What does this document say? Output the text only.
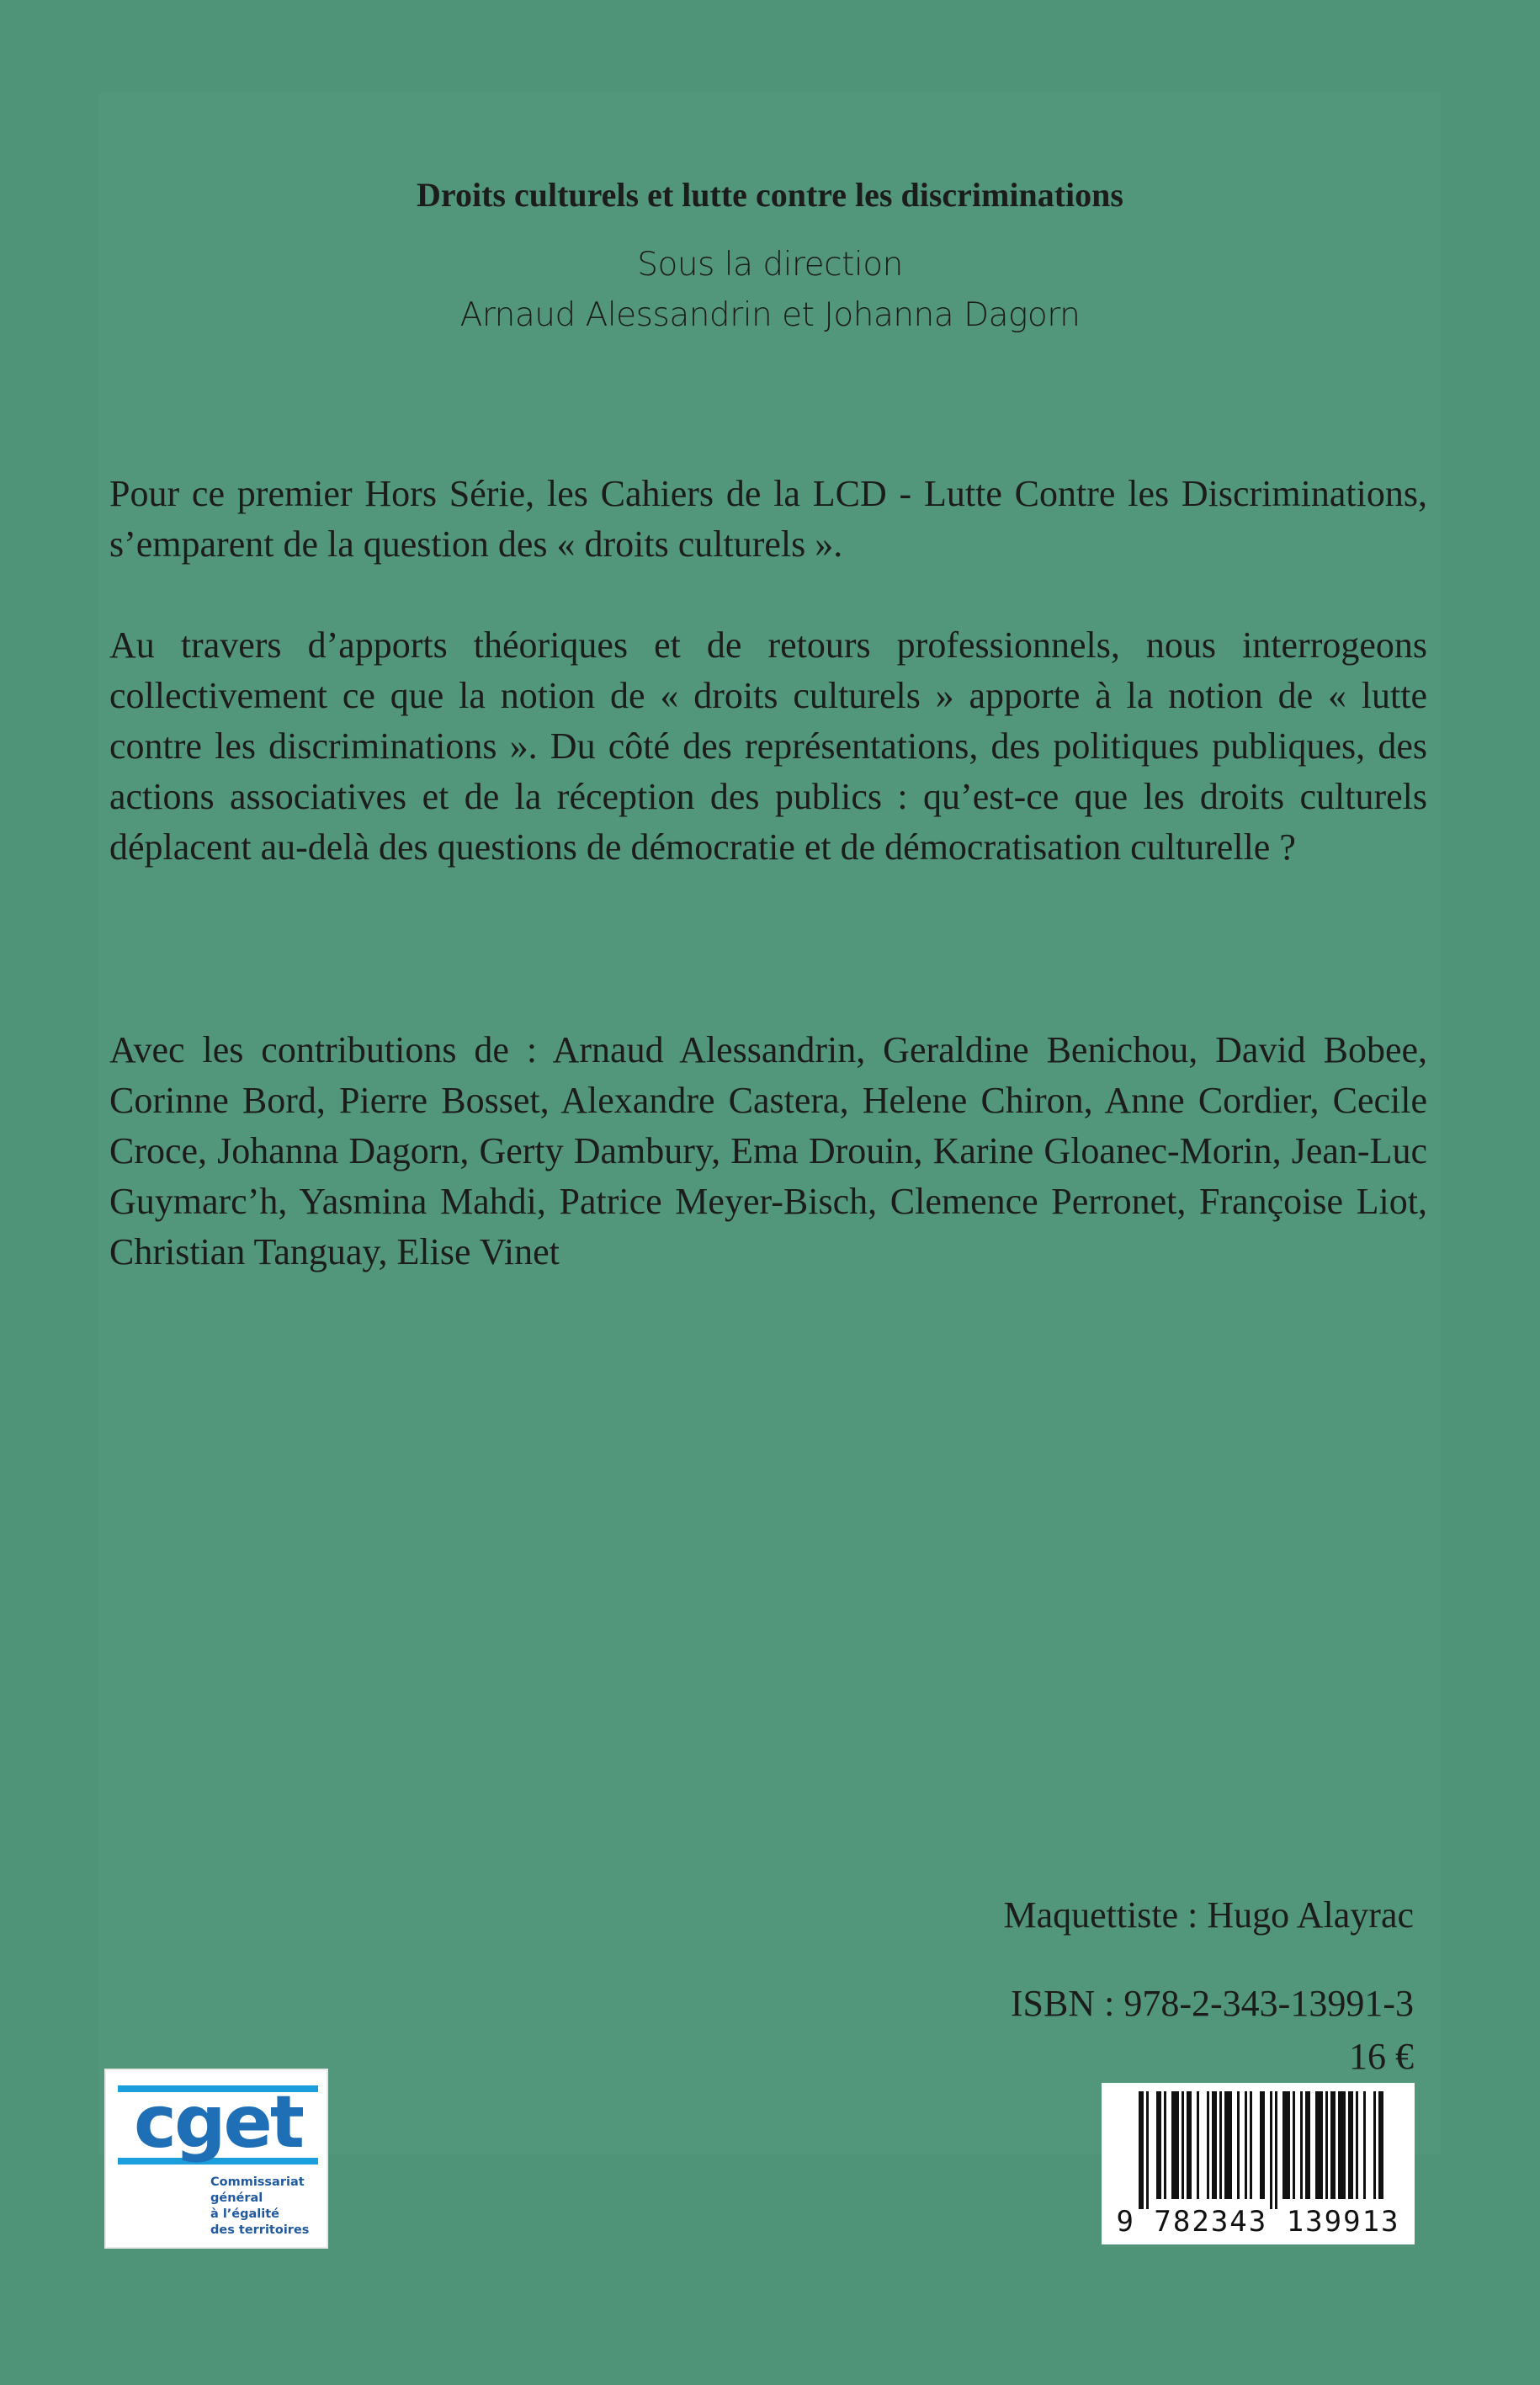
Droits culturels et lutte contre les discriminations
Sous la direction
Arnaud Alessandrin et Johanna Dagorn
Pour ce premier Hors Série, les Cahiers de la LCD - Lutte Contre les Discriminations, s’emparent de la question des « droits culturels ».
Au travers d’apports théoriques et de retours professionnels, nous interrogeons collectivement ce que la notion de « droits culturels » apporte à la notion de « lutte contre les discriminations ». Du côté des représentations, des politiques publiques, des actions associatives et de la réception des publics : qu’est-ce que les droits culturels déplacent au-delà des questions de démocratie et de démocratisation culturelle ?
Avec les contributions de : Arnaud Alessandrin, Geraldine Benichou, David Bobee, Corinne Bord, Pierre Bosset, Alexandre Castera, Helene Chiron, Anne Cordier, Cecile Croce, Johanna Dagorn, Gerty Dambury, Ema Drouin, Karine Gloanec-Morin, Jean-Luc Guymarc’h, Yasmina Mahdi, Patrice Meyer-Bisch, Clemence Perronet, Françoise Liot, Christian Tanguay, Elise Vinet
Maquettiste : Hugo Alayrac
ISBN : 978-2-343-13991-3
16 €
cget
Commissariat
général
à l’égalité
des territoires	9 782343 139913
